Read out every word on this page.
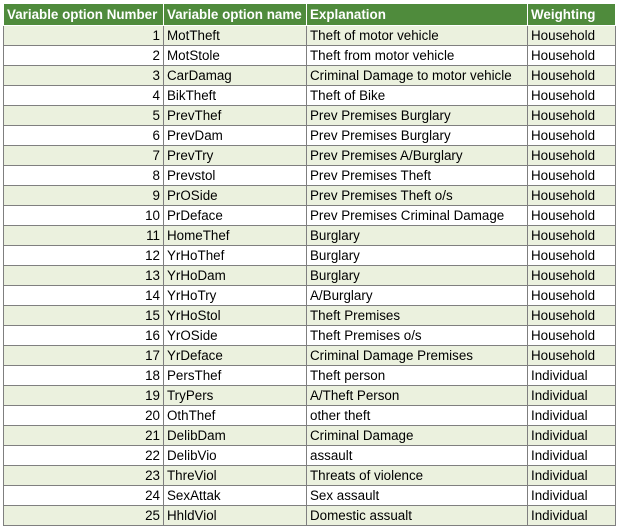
Variable option Number	Variable option name	Explanation	Weighting
1	MotTheft	Theft of motor vehicle	Household
2	MotStole	Theft from motor vehicle	Household
3	CarDamag	Criminal Damage to motor vehicle	Household
4	BikTheft	Theft of Bike	Household
5	PrevThef	Prev Premises Burglary	Household
6	PrevDam	Prev Premises Burglary	Household
7	PrevTry	Prev Premises A/Burglary	Household
8	Prevstol	Prev Premises Theft	Household
9	PrOSide	Prev Premises Theft o/s	Household
10	PrDeface	Prev Premises Criminal Damage	Household
11	HomeThef	Burglary	Household
12	YrHoThef	Burglary	Household
13	YrHoDam	Burglary	Household
14	YrHoTry	A/Burglary	Household
15	YrHoStol	Theft Premises	Household
16	YrOSide	Theft Premises o/s	Household
17	YrDeface	Criminal Damage Premises	Household
18	PersThef	Theft person	Individual
19	TryPers	A/Theft Person	Individual
20	OthThef	other theft	Individual
21	DelibDam	Criminal Damage	Individual
22	DelibVio	assault	Individual
23	ThreViol	Threats of violence	Individual
24	SexAttak	Sex assault	Individual
25	HhldViol	Domestic assualt	Individual
